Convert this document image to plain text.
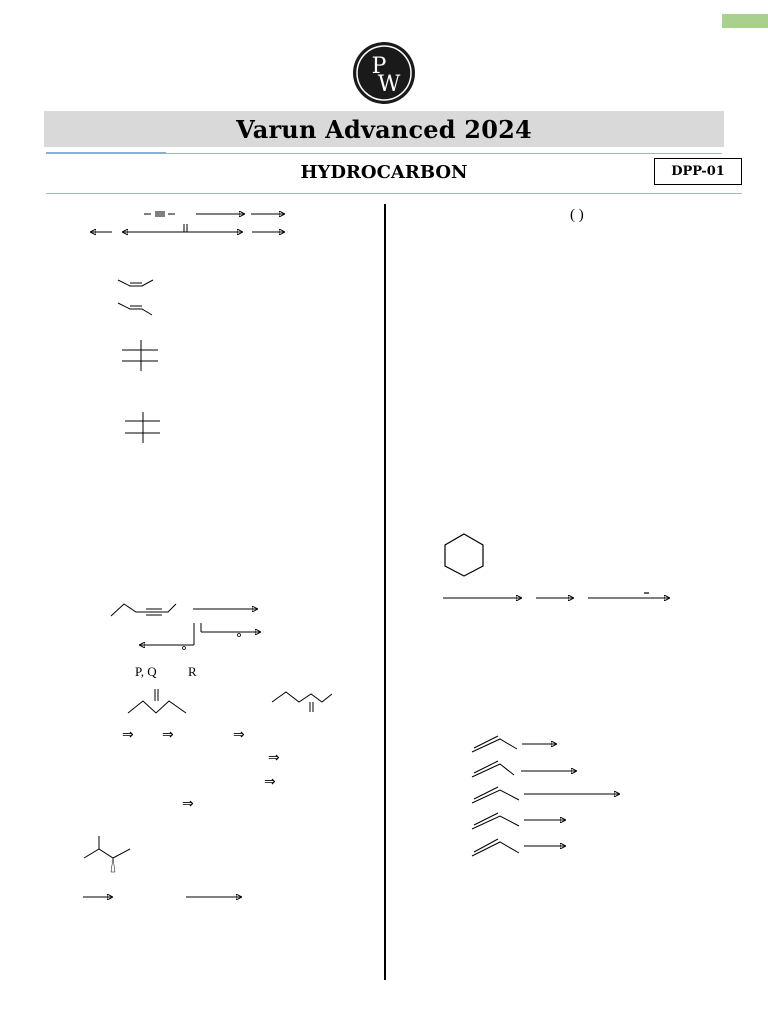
P
W
Varun Advanced 2024
HYDROCARBON	DPP-01
P, Q R
⇒ ⇒	⇒
⇒
⇒
⇒
( )
